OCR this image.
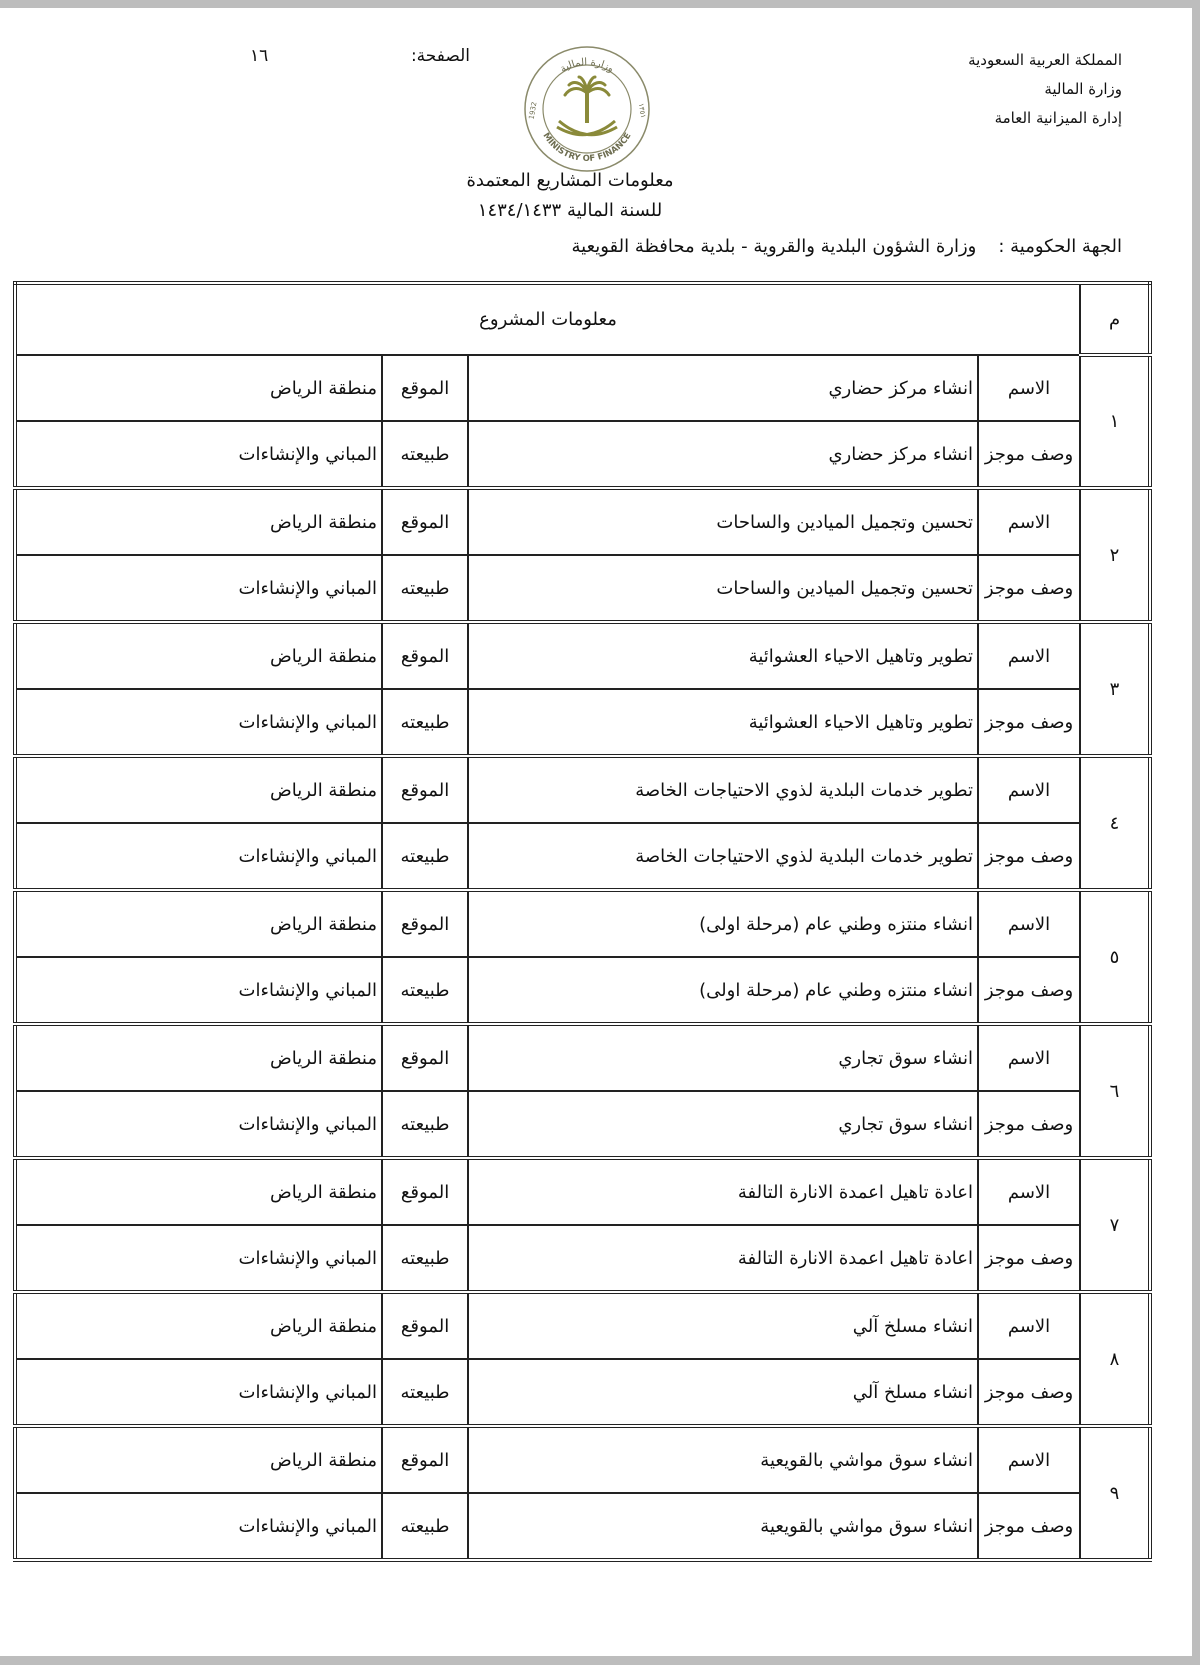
المملكة العربية السعودية
وزارة المالية
إدارة الميزانية العامة
الصفحة:
١٦
وزارة المالية
MINISTRY OF FINANCE
1932	١٣٥١
معلومات المشاريع المعتمدة
للسنة المالية ١٤٣٤/١٤٣٣
الجهة الحكومية :
وزارة الشؤون البلدية والقروية - بلدية محافظة القويعية
م	معلومات المشروع			
١	الاسم	انشاء مركز حضاري	الموقع	منطقة الرياض
	وصف موجز	انشاء مركز حضاري	طبيعته	المباني والإنشاءات
٢	الاسم	تحسين وتجميل الميادين والساحات	الموقع	منطقة الرياض
	وصف موجز	تحسين وتجميل الميادين والساحات	طبيعته	المباني والإنشاءات
٣	الاسم	تطوير وتاهيل الاحياء العشوائية	الموقع	منطقة الرياض
	وصف موجز	تطوير وتاهيل الاحياء العشوائية	طبيعته	المباني والإنشاءات
٤	الاسم	تطوير خدمات البلدية لذوي الاحتياجات الخاصة	الموقع	منطقة الرياض
	وصف موجز	تطوير خدمات البلدية لذوي الاحتياجات الخاصة	طبيعته	المباني والإنشاءات
٥	الاسم	انشاء منتزه وطني عام (مرحلة اولى)	الموقع	منطقة الرياض
	وصف موجز	انشاء منتزه وطني عام (مرحلة اولى)	طبيعته	المباني والإنشاءات
٦	الاسم	انشاء سوق تجاري	الموقع	منطقة الرياض
	وصف موجز	انشاء سوق تجاري	طبيعته	المباني والإنشاءات
٧	الاسم	اعادة تاهيل اعمدة الانارة التالفة	الموقع	منطقة الرياض
	وصف موجز	اعادة تاهيل اعمدة الانارة التالفة	طبيعته	المباني والإنشاءات
٨	الاسم	انشاء مسلخ آلي	الموقع	منطقة الرياض
	وصف موجز	انشاء مسلخ آلي	طبيعته	المباني والإنشاءات
٩	الاسم	انشاء سوق مواشي بالقويعية	الموقع	منطقة الرياض
	وصف موجز	انشاء سوق مواشي بالقويعية	طبيعته	المباني والإنشاءات
